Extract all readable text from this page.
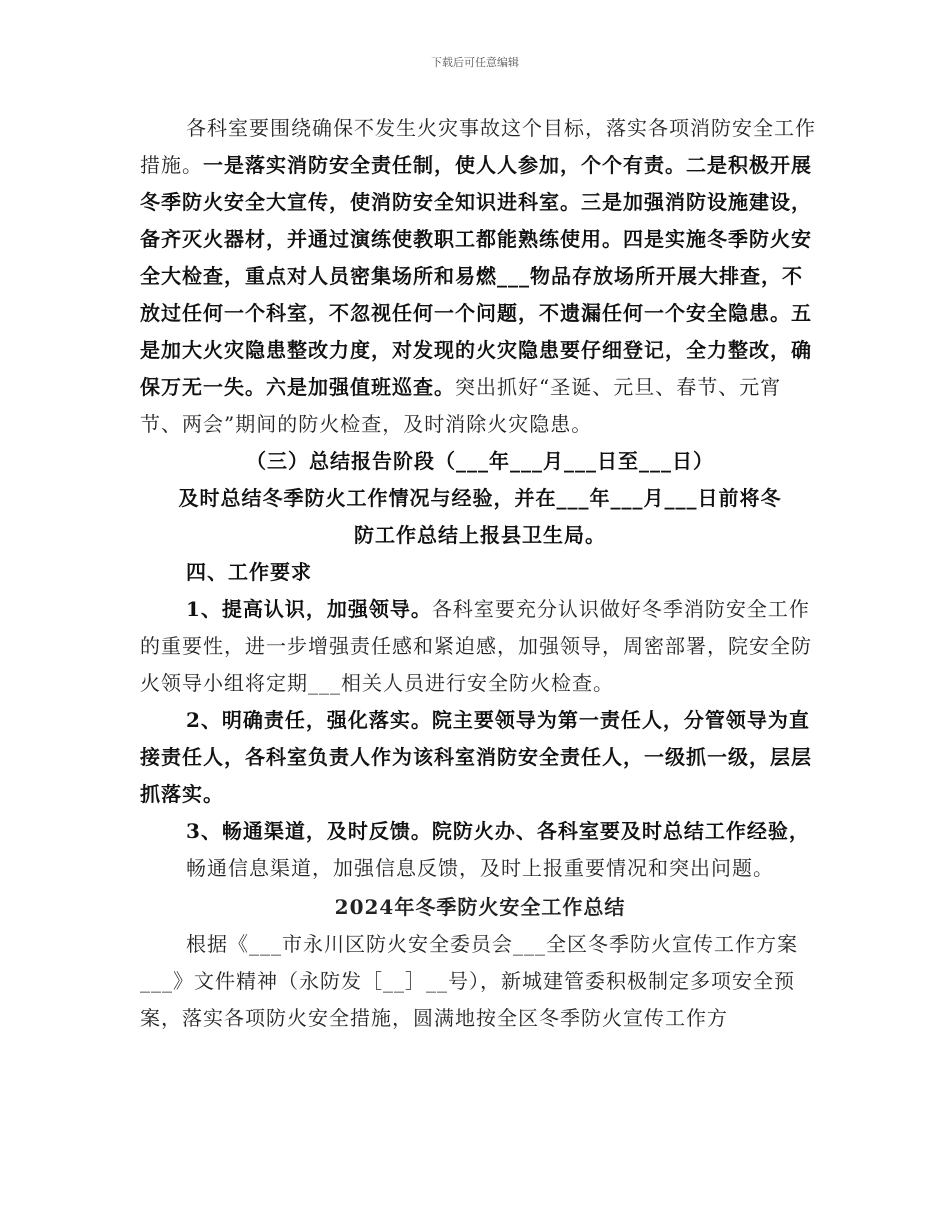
下载后可任意编辑

各科室要围绕确保不发生火灾事故这个目标，落实各项消防安全工作措施。一是落实消防安全责任制，使人人参加，个个有责。二是积极开展冬季防火安全大宣传，使消防安全知识进科室。三是加强消防设施建设，备齐灭火器材，并通过演练使教职工都能熟练使用。四是实施冬季防火安全大检查，重点对人员密集场所和易燃___物品存放场所开展大排查，不放过任何一个科室，不忽视任何一个问题，不遗漏任何一个安全隐患。五是加大火灾隐患整改力度，对发现的火灾隐患要仔细登记，全力整改，确保万无一失。六是加强值班巡查。突出抓好“圣诞、元旦、春节、元宵节、两会”期间的防火检查，及时消除火灾隐患。

（三）总结报告阶段（___年___月___日至___日）

及时总结冬季防火工作情况与经验，并在___年___月___日前将冬

防工作总结上报县卫生局。

四、工作要求

1、提高认识，加强领导。各科室要充分认识做好冬季消防安全工作的重要性，进一步增强责任感和紧迫感，加强领导，周密部署，院安全防火领导小组将定期___相关人员进行安全防火检查。

2、明确责任，强化落实。院主要领导为第一责任人，分管领导为直接责任人，各科室负责人作为该科室消防安全责任人，一级抓一级，层层抓落实。

3、畅通渠道，及时反馈。院防火办、各科室要及时总结工作经验，

畅通信息渠道，加强信息反馈，及时上报重要情况和突出问题。

2024年冬季防火安全工作总结

根据《___市永川区防火安全委员会___全区冬季防火宣传工作方案___》文件精神（永防发［__］__号），新城建管委积极制定多项安全预案，落实各项防火安全措施，圆满地按全区冬季防火宣传工作方
